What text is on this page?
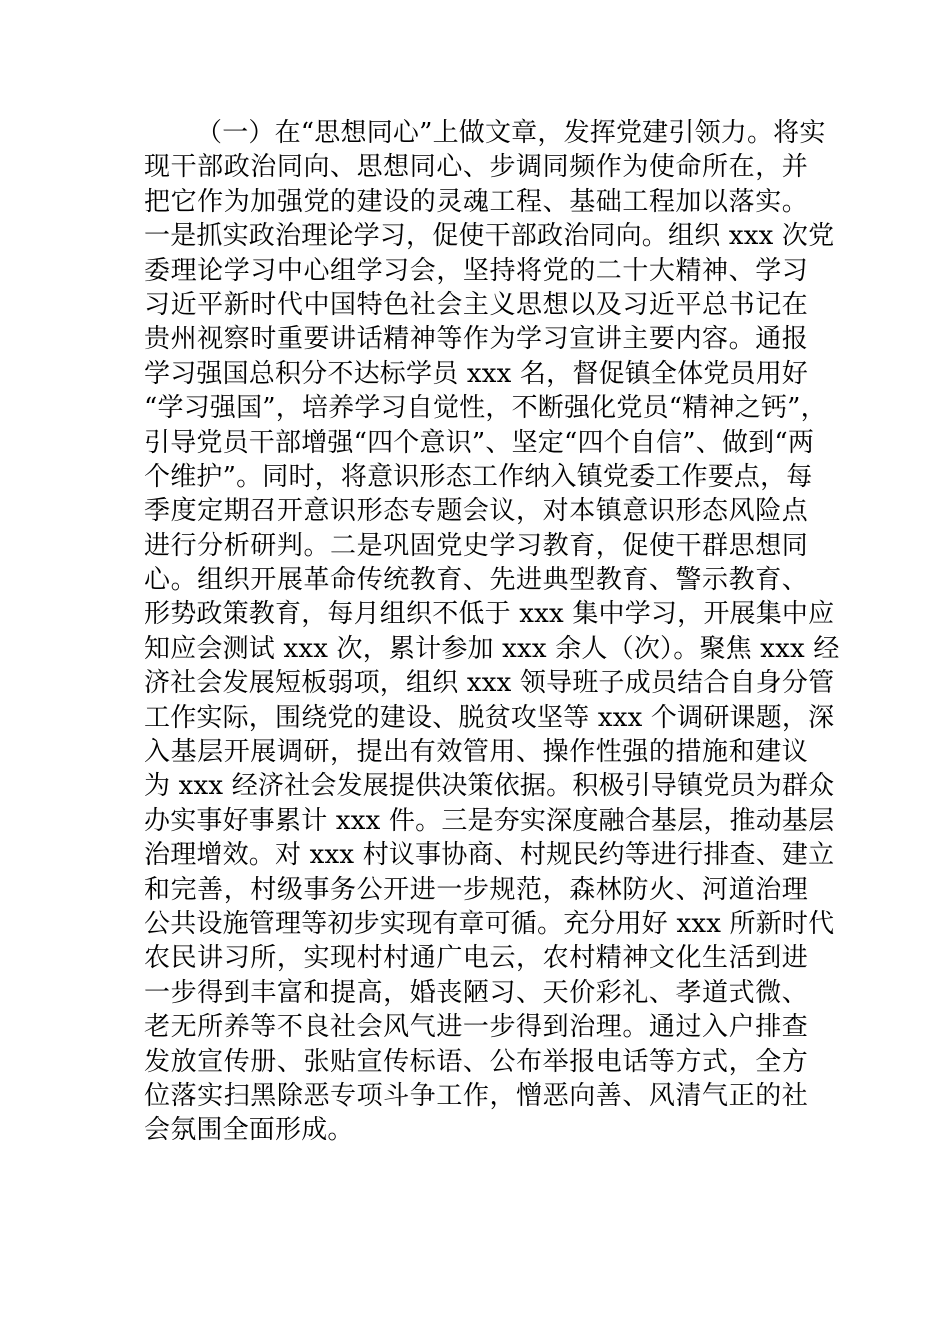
（一）在“思想同心”上做文章，发挥党建引领力。将实
现干部政治同向、思想同心、步调同频作为使命所在，并
把它作为加强党的建设的灵魂工程、基础工程加以落实。
一是抓实政治理论学习，促使干部政治同向。组织 xxx 次党
委理论学习中心组学习会，坚持将党的二十大精神、学习
习近平新时代中国特色社会主义思想以及习近平总书记在
贵州视察时重要讲话精神等作为学习宣讲主要内容。通报
学习强国总积分不达标学员 xxx 名，督促镇全体党员用好
“学习强国”，培养学习自觉性，不断强化党员“精神之钙”，
引导党员干部增强“四个意识”、坚定“四个自信”、做到“两
个维护”。同时，将意识形态工作纳入镇党委工作要点，每
季度定期召开意识形态专题会议，对本镇意识形态风险点
进行分析研判。二是巩固党史学习教育，促使干群思想同
心。组织开展革命传统教育、先进典型教育、警示教育、
形势政策教育，每月组织不低于 xxx 集中学习，开展集中应
知应会测试 xxx 次，累计参加 xxx 余人（次）。聚焦 xxx 经
济社会发展短板弱项，组织 xxx 领导班子成员结合自身分管
工作实际，围绕党的建设、脱贫攻坚等 xxx 个调研课题，深
入基层开展调研，提出有效管用、操作性强的措施和建议
为 xxx 经济社会发展提供决策依据。积极引导镇党员为群众
办实事好事累计 xxx 件。三是夯实深度融合基层，推动基层
治理增效。对 xxx 村议事协商、村规民约等进行排查、建立
和完善，村级事务公开进一步规范，森林防火、河道治理
公共设施管理等初步实现有章可循。充分用好 xxx 所新时代
农民讲习所，实现村村通广电云，农村精神文化生活到进
一步得到丰富和提高，婚丧陋习、天价彩礼、孝道式微、
老无所养等不良社会风气进一步得到治理。通过入户排查
发放宣传册、张贴宣传标语、公布举报电话等方式，全方
位落实扫黑除恶专项斗争工作，憎恶向善、风清气正的社
会氛围全面形成。
